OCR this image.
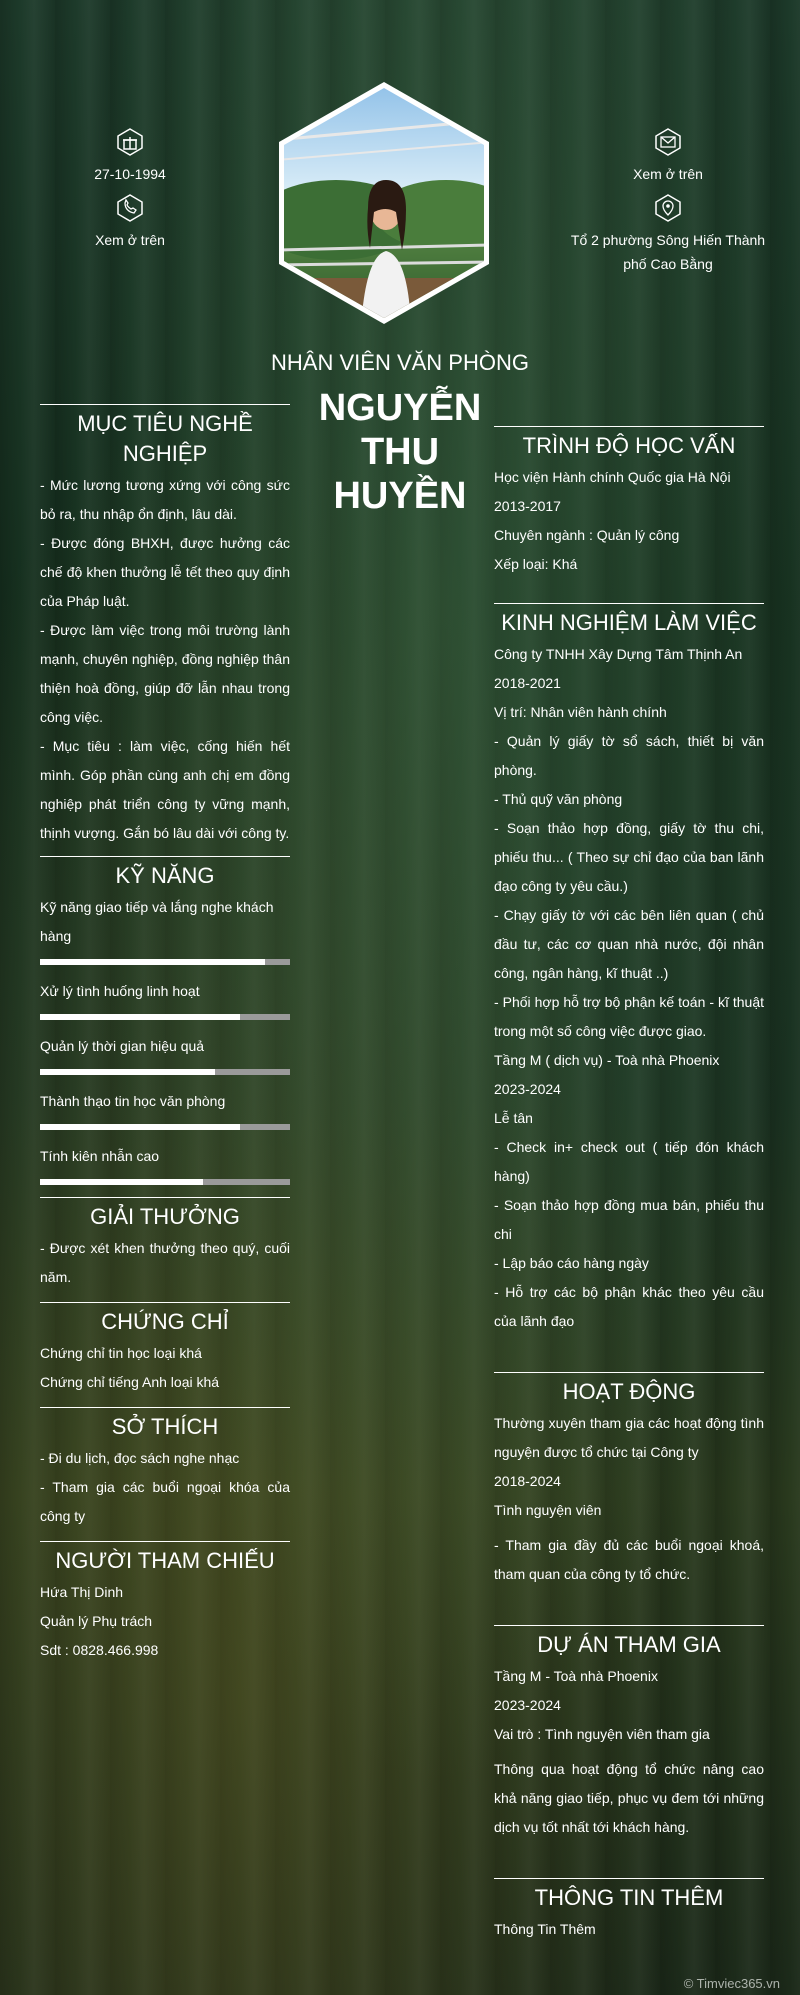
27-10-1994
Xem ở trên
Xem ở trên
Tổ 2 phường Sông Hiến Thành phố Cao Bằng
NHÂN VIÊN VĂN PHÒNG
NGUYỄN
THU
HUYỀN
MỤC TIÊU NGHỀ NGHIỆP
- Mức lương tương xứng với công sức bỏ ra, thu nhập ổn định, lâu dài.
- Được đóng BHXH, được hưởng các chế độ khen thưởng lễ tết theo quy định của Pháp luật.
- Được làm việc trong môi trường lành mạnh, chuyên nghiệp, đồng nghiệp thân thiện hoà đồng, giúp đỡ lẫn nhau trong công việc.
- Mục tiêu : làm việc, cống hiến hết mình. Góp phần cùng anh chị em đồng nghiệp phát triển công ty vững mạnh, thịnh vượng. Gắn bó lâu dài với công ty.
KỸ NĂNG
Kỹ năng giao tiếp và lắng nghe khách hàng
Xử lý tình huống linh hoạt
Quản lý thời gian hiệu quả
Thành thạo tin học văn phòng
Tính kiên nhẫn cao
GIẢI THƯỞNG
- Được xét khen thưởng theo quý, cuối năm.
CHỨNG CHỈ
Chứng chỉ tin học loại khá
Chứng chỉ tiếng Anh loại khá
SỞ THÍCH
- Đi du lịch, đọc sách nghe nhạc
- Tham gia các buổi ngoại khóa của công ty
NGƯỜI THAM CHIẾU
Hứa Thị Dinh
Quản lý Phụ trách
Sdt : 0828.466.998
TRÌNH ĐỘ HỌC VẤN
Học viện Hành chính Quốc gia Hà Nội
2013-2017
Chuyên ngành : Quản lý công
Xếp loại: Khá
KINH NGHIỆM LÀM VIỆC
Công ty TNHH Xây Dựng Tâm Thịnh An
2018-2021
Vị trí: Nhân viên hành chính
- Quản lý giấy tờ sổ sách, thiết bị văn phòng.
- Thủ quỹ văn phòng
- Soạn thảo hợp đồng, giấy tờ thu chi, phiếu thu... ( Theo sự chỉ đạo của ban lãnh đạo công ty yêu cầu.)
- Chạy giấy tờ với các bên liên quan ( chủ đầu tư, các cơ quan nhà nước, đội nhân công, ngân hàng, kĩ thuật ..)
- Phối hợp hỗ trợ bộ phận kế toán - kĩ thuật trong một số công việc được giao.
Tầng M ( dịch vụ) - Toà nhà Phoenix
2023-2024
Lễ tân
- Check in+ check out ( tiếp đón khách hàng)
- Soạn thảo hợp đồng mua bán, phiếu thu chi
- Lập báo cáo hàng ngày
- Hỗ trợ các bộ phận khác theo yêu cầu của lãnh đạo
HOẠT ĐỘNG
Thường xuyên tham gia các hoạt động tình nguyện được tổ chức tại Công ty
2018-2024
Tình nguyện viên
- Tham gia đầy đủ các buổi ngoại khoá, tham quan của công ty tổ chức.
DỰ ÁN THAM GIA
Tầng M - Toà nhà Phoenix
2023-2024
Vai trò : Tình nguyện viên tham gia
Thông qua hoạt động tổ chức nâng cao khả năng giao tiếp, phục vụ đem tới những dịch vụ tốt nhất tới khách hàng.
THÔNG TIN THÊM
Thông Tin Thêm
© Timviec365.vn
